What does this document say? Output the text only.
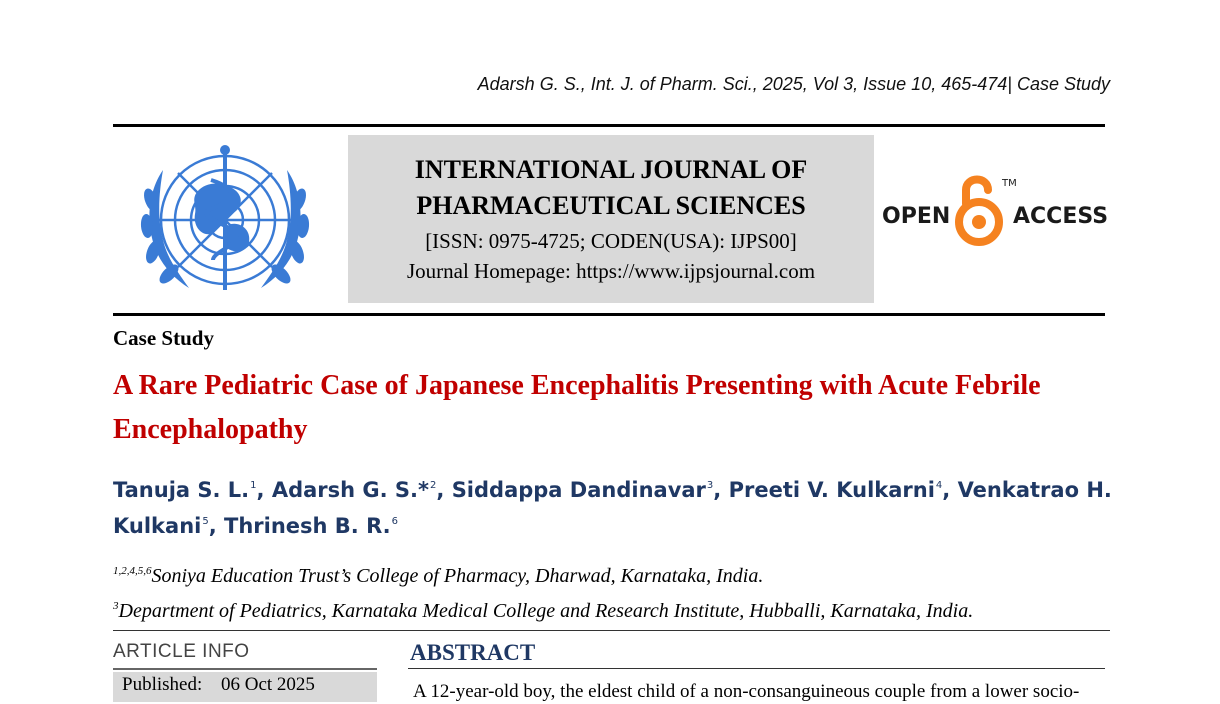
Adarsh G. S., Int. J. of Pharm. Sci., 2025, Vol 3, Issue 10, 465-474| Case Study
INTERNATIONAL JOURNAL OF PHARMACEUTICAL SCIENCES
[ISSN: 0975-4725; CODEN(USA): IJPS00]
Journal Homepage: https://www.ijpsjournal.com
OPEN
TM
ACCESS
Case Study
A Rare Pediatric Case of Japanese Encephalitis Presenting with Acute Febrile Encephalopathy
Tanuja S. L.$^1$, Adarsh G. S.*$^2$, Siddappa Dandinavar$^3$, Preeti V. Kulkarni$^4$, Venkatrao H. Kulkani$^5$, Thrinesh B. R.$^6$
$^{1,2,4,5,6}$Soniya Education Trust’s College of Pharmacy, Dharwad, Karnataka, India.
$^3$Department of Pediatrics, Karnataka Medical College and Research Institute, Hubballi, Karnataka, India.
ARTICLE INFO
Published: 06 Oct 2025
ABSTRACT
A 12-year-old boy, the eldest child of a non-consanguineous couple from a lower socio-
